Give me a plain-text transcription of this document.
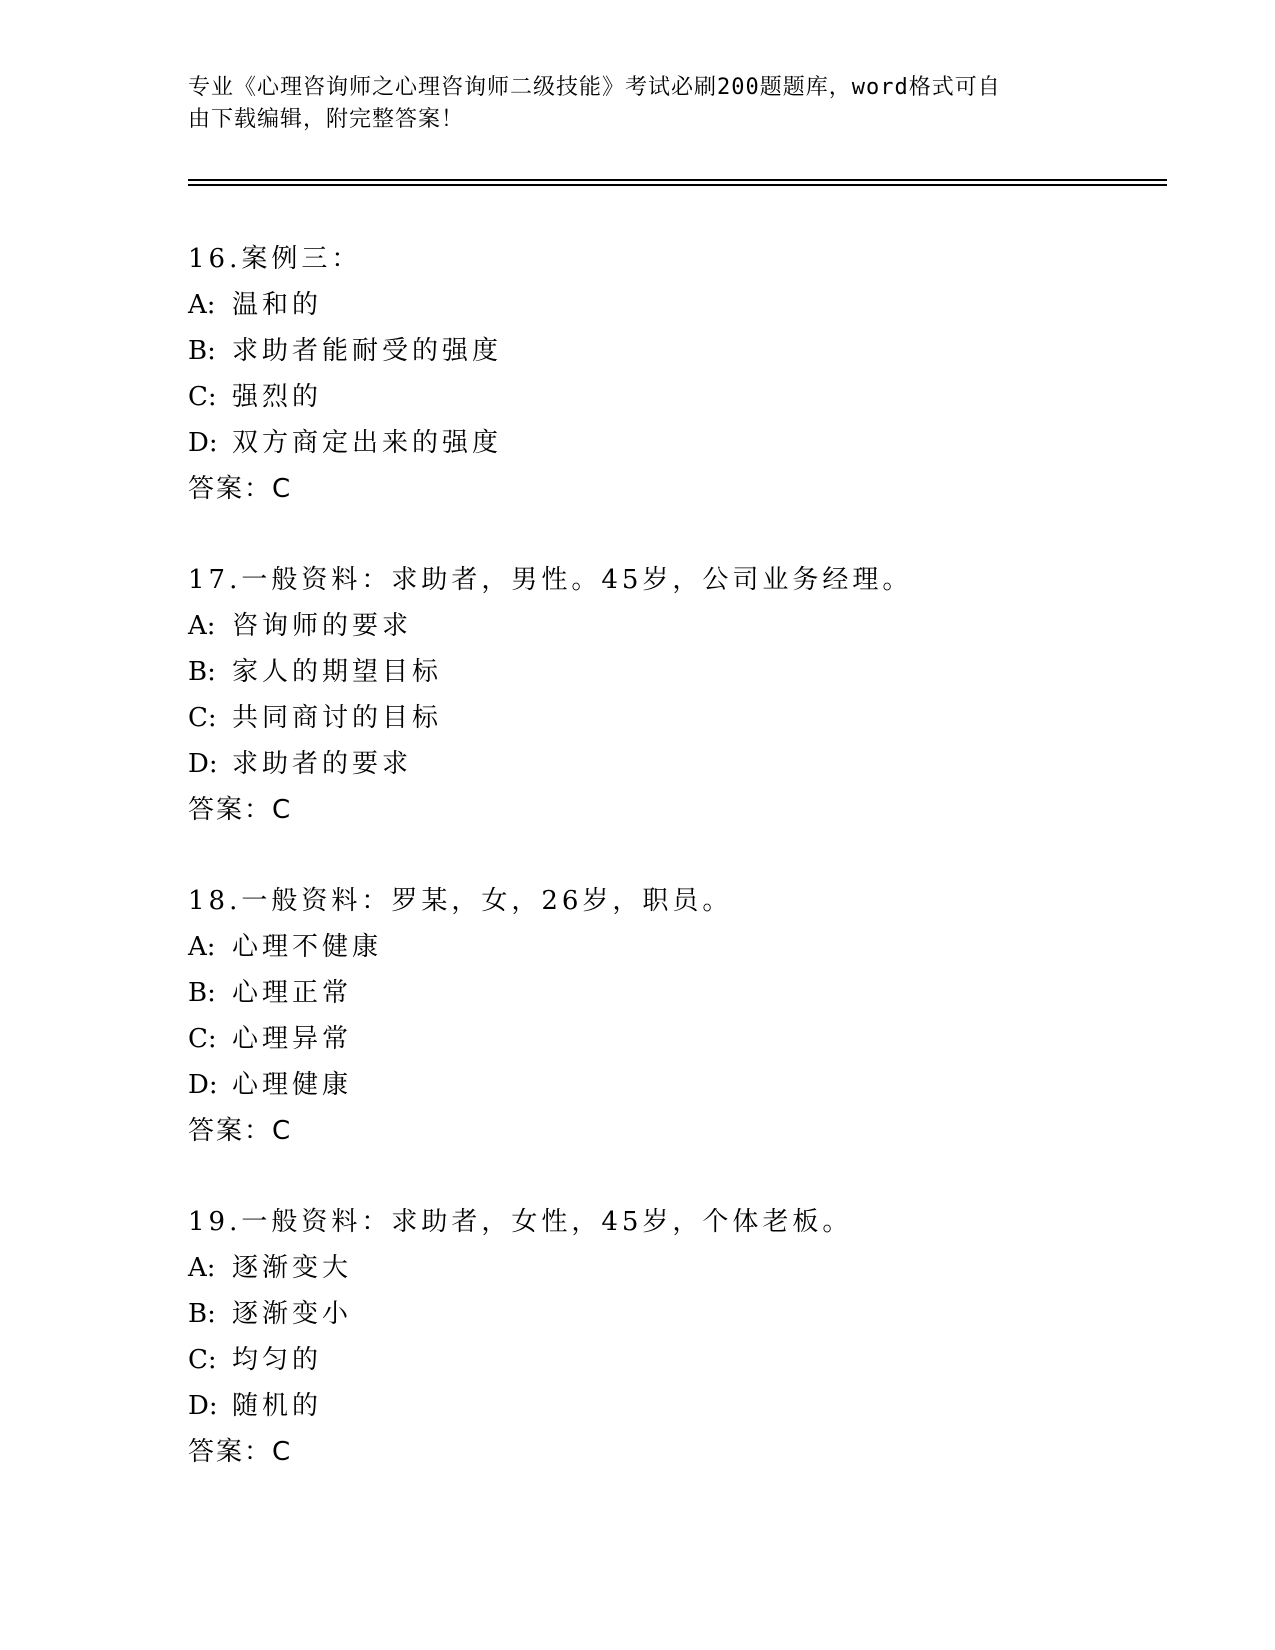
专业《心理咨询师之心理咨询师二级技能》考试必刷200题题库，word格式可自
由下载编辑，附完整答案！
16.案例三：
A: 温和的
B: 求助者能耐受的强度
C: 强烈的
D: 双方商定出来的强度
答案：C
17.一般资料：求助者，男性。45岁，公司业务经理。
A: 咨询师的要求
B: 家人的期望目标
C: 共同商讨的目标
D: 求助者的要求
答案：C
18.一般资料：罗某，女，26岁，职员。
A: 心理不健康
B: 心理正常
C: 心理异常
D: 心理健康
答案：C
19.一般资料：求助者，女性，45岁，个体老板。
A: 逐渐变大
B: 逐渐变小
C: 均匀的
D: 随机的
答案：C
